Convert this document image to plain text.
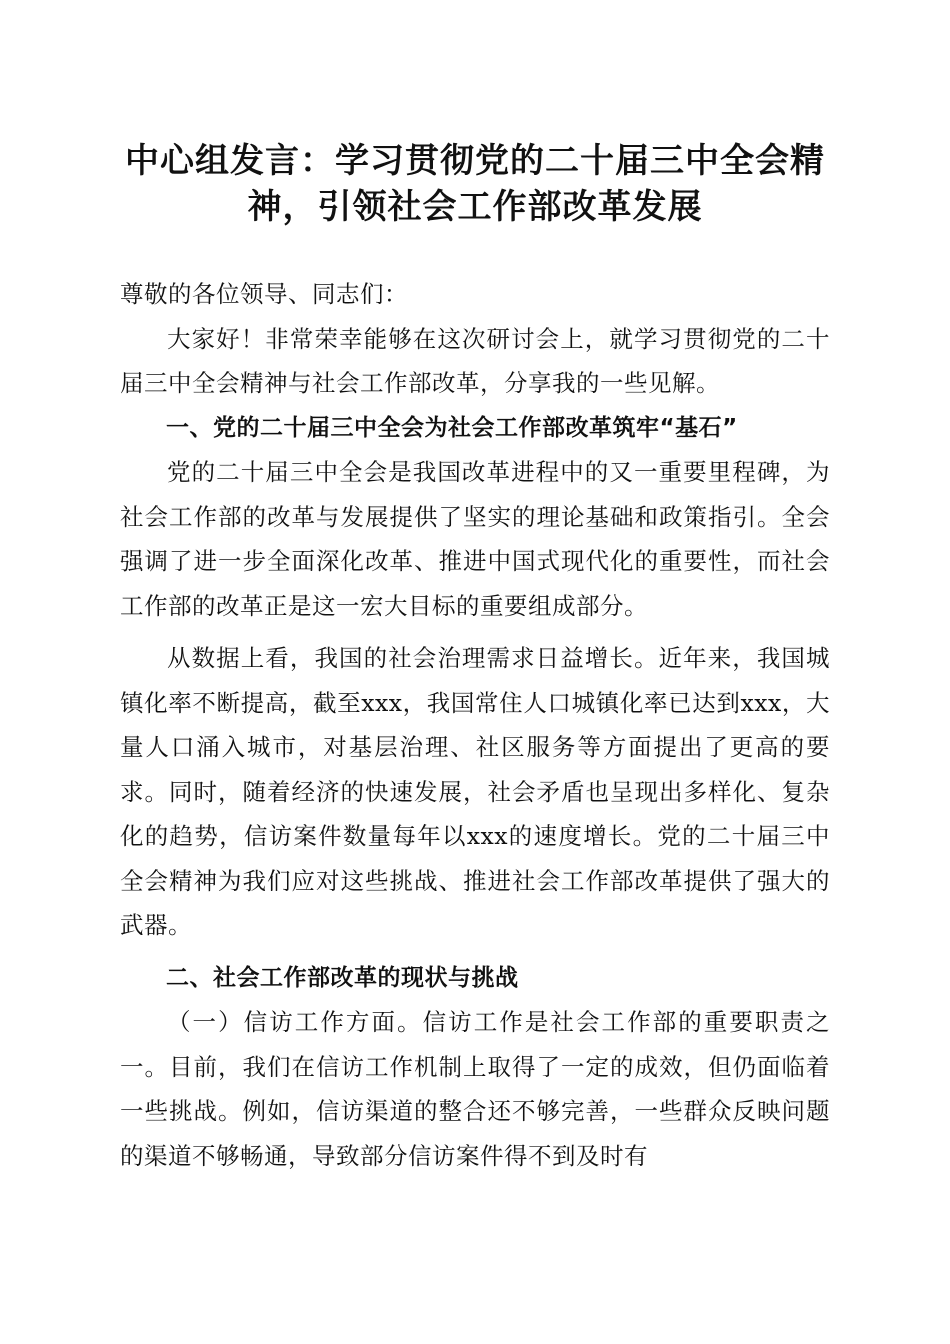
中心组发言：学习贯彻党的二十届三中全会精
神，引领社会工作部改革发展

尊敬的各位领导、同志们：

大家好！非常荣幸能够在这次研讨会上，就学习贯彻党的二十届三中全会精神与社会工作部改革，分享我的一些见解。

一、党的二十届三中全会为社会工作部改革筑牢“基石”

党的二十届三中全会是我国改革进程中的又一重要里程碑，为社会工作部的改革与发展提供了坚实的理论基础和政策指引。全会强调了进一步全面深化改革、推进中国式现代化的重要性，而社会工作部的改革正是这一宏大目标的重要组成部分。

从数据上看，我国的社会治理需求日益增长。近年来，我国城镇化率不断提高，截至xxx，我国常住人口城镇化率已达到xxx，大量人口涌入城市，对基层治理、社区服务等方面提出了更高的要求。同时，随着经济的快速发展，社会矛盾也呈现出多样化、复杂化的趋势，信访案件数量每年以xxx的速度增长。党的二十届三中全会精神为我们应对这些挑战、推进社会工作部改革提供了强大的武器。

二、社会工作部改革的现状与挑战

（一）信访工作方面。信访工作是社会工作部的重要职责之一。目前，我们在信访工作机制上取得了一定的成效，但仍面临着一些挑战。例如，信访渠道的整合还不够完善，一些群众反映问题的渠道不够畅通，导致部分信访案件得不到及时有
